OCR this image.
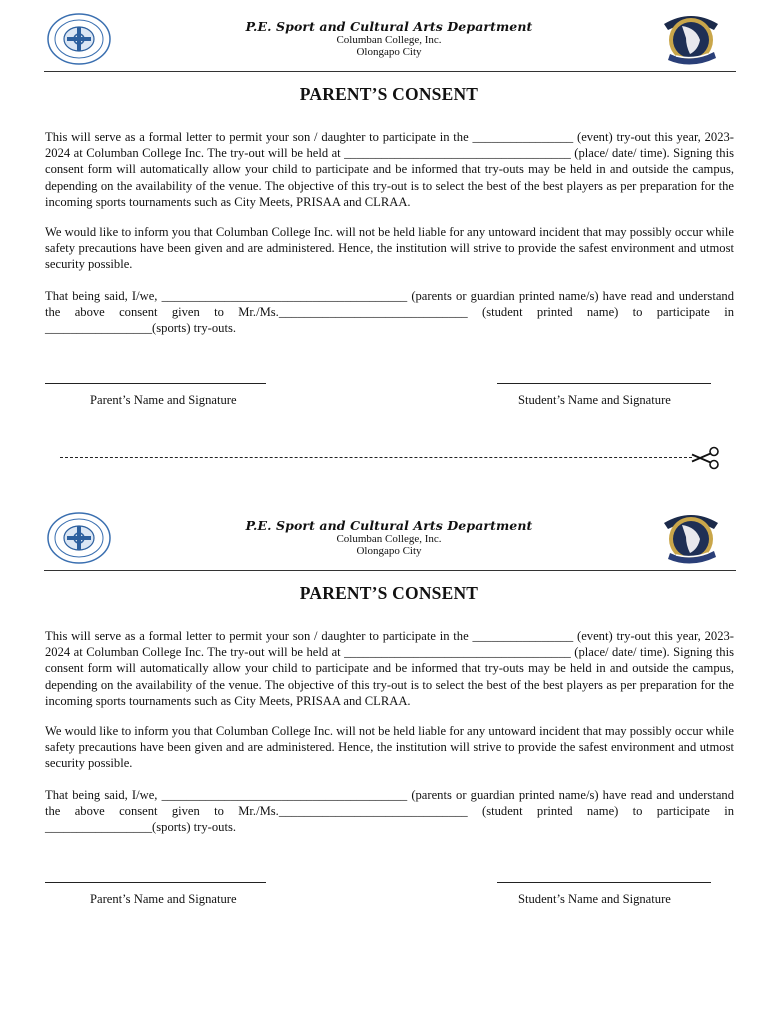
P.E. Sport and Cultural Arts Department
Columban College, Inc.
Olongapo City
PARENT’S CONSENT
This will serve as a formal letter to permit your son / daughter to participate in the ________________ (event) try-out this year, 2023-2024 at Columban College Inc. The try-out will be held at ____________________________________ (place/ date/ time). Signing this consent form will automatically allow your child to participate and be informed that try-outs may be held in and outside the campus, depending on the availability of the venue. The objective of this try-out is to select the best of the best players as per preparation for the incoming sports tournaments such as City Meets, PRISAA and CLRAA.
We would like to inform you that Columban College Inc. will not be held liable for any untoward incident that may possibly occur while safety precautions have been given and are administered. Hence, the institution will strive to provide the safest environment and utmost security possible.
That being said, I/we, _______________________________________ (parents or guardian printed name/s) have read and understand the above consent given to Mr./Ms.______________________________ (student printed name) to participate in _________________(sports) try-outs.
Parent’s Name and Signature	Student’s Name and Signature
P.E. Sport and Cultural Arts Department
Columban College, Inc.
Olongapo City
PARENT’S CONSENT
This will serve as a formal letter to permit your son / daughter to participate in the ________________ (event) try-out this year, 2023-2024 at Columban College Inc. The try-out will be held at ____________________________________ (place/ date/ time). Signing this consent form will automatically allow your child to participate and be informed that try-outs may be held in and outside the campus, depending on the availability of the venue. The objective of this try-out is to select the best of the best players as per preparation for the incoming sports tournaments such as City Meets, PRISAA and CLRAA.
We would like to inform you that Columban College Inc. will not be held liable for any untoward incident that may possibly occur while safety precautions have been given and are administered. Hence, the institution will strive to provide the safest environment and utmost security possible.
That being said, I/we, _______________________________________ (parents or guardian printed name/s) have read and understand the above consent given to Mr./Ms.______________________________ (student printed name) to participate in _________________(sports) try-outs.
Parent’s Name and Signature	Student’s Name and Signature
